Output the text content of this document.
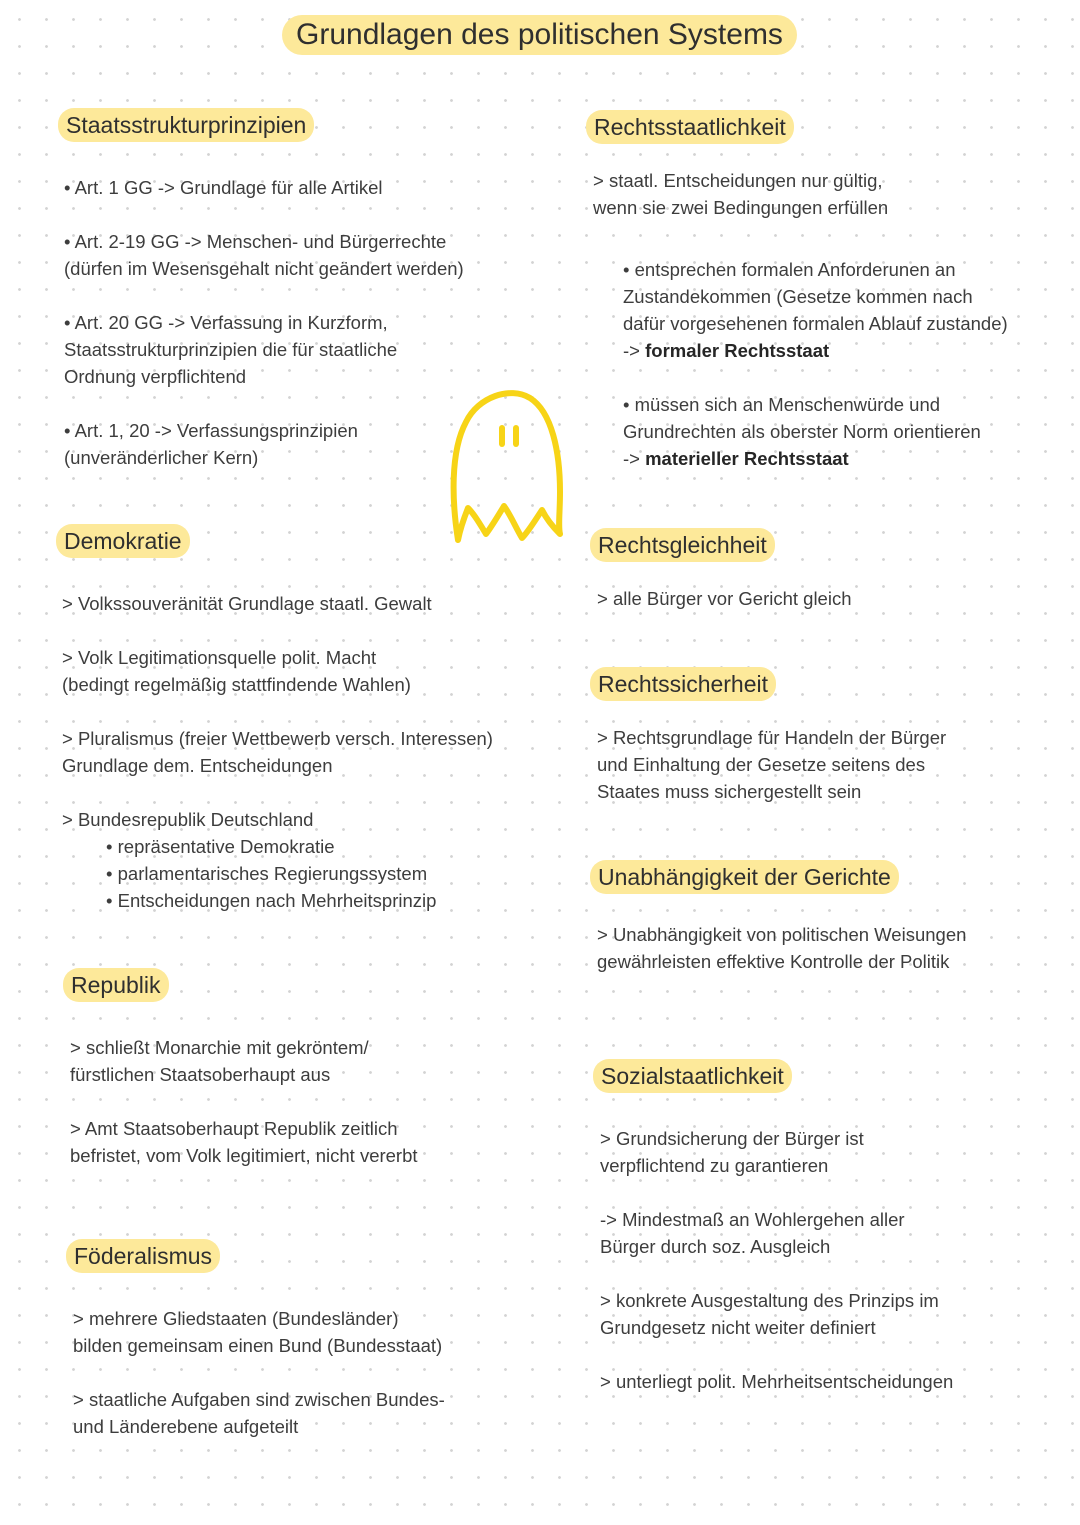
Grundlagen des politischen Systems
Staatsstrukturprinzipien
• Art. 1 GG -> Grundlage für alle Artikel
• Art. 2-19 GG -> Menschen- und Bürgerrechte
(dürfen im Wesensgehalt nicht geändert werden)
• Art. 20 GG -> Verfassung in Kurzform,
Staatsstrukturprinzipien die für staatliche
Ordnung verpflichtend
• Art. 1, 20 -> Verfassungsprinzipien
(unveränderlicher Kern)
Demokratie
> Volkssouveränität Grundlage staatl. Gewalt
> Volk Legitimationsquelle polit. Macht
(bedingt regelmäßig stattfindende Wahlen)
> Pluralismus (freier Wettbewerb versch. Interessen)
Grundlage dem. Entscheidungen
> Bundesrepublik Deutschland
• repräsentative Demokratie
• parlamentarisches Regierungssystem
• Entscheidungen nach Mehrheitsprinzip
Republik
> schließt Monarchie mit gekröntem/
fürstlichen Staatsoberhaupt aus
> Amt Staatsoberhaupt Republik zeitlich
befristet, vom Volk legitimiert, nicht vererbt
Föderalismus
> mehrere Gliedstaaten (Bundesländer)
bilden gemeinsam einen Bund (Bundesstaat)
> staatliche Aufgaben sind zwischen Bundes-
und Länderebene aufgeteilt
Rechtsstaatlichkeit
> staatl. Entscheidungen nur gültig,
wenn sie zwei Bedingungen erfüllen
• entsprechen formalen Anforderunen an
Zustandekommen (Gesetze kommen nach
dafür vorgesehenen formalen Ablauf zustande)
-> formaler Rechtsstaat
• müssen sich an Menschenwürde und
Grundrechten als oberster Norm orientieren
-> materieller Rechtsstaat
Rechtsgleichheit
> alle Bürger vor Gericht gleich
Rechtssicherheit
> Rechtsgrundlage für Handeln der Bürger
und Einhaltung der Gesetze seitens des
Staates muss sichergestellt sein
Unabhängigkeit der Gerichte
> Unabhängigkeit von politischen Weisungen
gewährleisten effektive Kontrolle der Politik
Sozialstaatlichkeit
> Grundsicherung der Bürger ist
verpflichtend zu garantieren
-> Mindestmaß an Wohlergehen aller
Bürger durch soz. Ausgleich
> konkrete Ausgestaltung des Prinzips im
Grundgesetz nicht weiter definiert
> unterliegt polit. Mehrheitsentscheidungen
